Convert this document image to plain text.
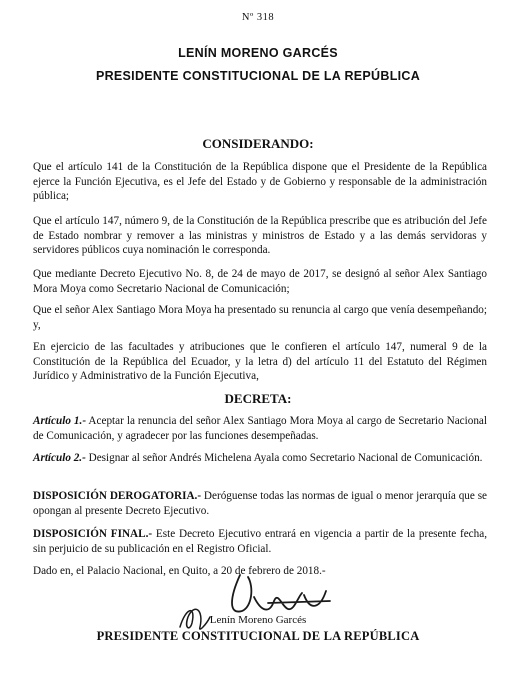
Nº 318
LENÍN MORENO GARCÉS
PRESIDENTE CONSTITUCIONAL DE LA REPÚBLICA
CONSIDERANDO:
Que el artículo 141 de la Constitución de la República dispone que el Presidente de la República ejerce la Función Ejecutiva, es el Jefe del Estado y de Gobierno y responsable de la administración pública;
Que el artículo 147, número 9, de la Constitución de la República prescribe que es atribución del Jefe de Estado nombrar y remover a las ministras y ministros de Estado y a las demás servidoras y servidores públicos cuya nominación le corresponda.
Que mediante Decreto Ejecutivo No. 8, de 24 de mayo de 2017, se designó al señor Alex Santiago Mora Moya como Secretario Nacional de Comunicación;
Que el señor Alex Santiago Mora Moya ha presentado su renuncia al cargo que venía desempeñando; y,
En ejercicio de las facultades y atribuciones que le confieren el artículo 147, numeral 9 de la Constitución de la República del Ecuador, y la letra d) del artículo 11 del Estatuto del Régimen Jurídico y Administrativo de la Función Ejecutiva,
DECRETA:
Artículo 1.- Aceptar la renuncia del señor Alex Santiago Mora Moya al cargo de Secretario Nacional de Comunicación, y agradecer por las funciones desempeñadas.
Artículo 2.- Designar al señor Andrés Michelena Ayala como Secretario Nacional de Comunicación.
DISPOSICIÓN DEROGATORIA.- Deróguense todas las normas de igual o menor jerarquía que se opongan al presente Decreto Ejecutivo.
DISPOSICIÓN FINAL.- Este Decreto Ejecutivo entrará en vigencia a partir de la presente fecha, sin perjuicio de su publicación en el Registro Oficial.
Dado en, el Palacio Nacional, en Quito, a 20 de febrero de 2018.-
Lenín Moreno Garcés
PRESIDENTE CONSTITUCIONAL DE LA REPÚBLICA
